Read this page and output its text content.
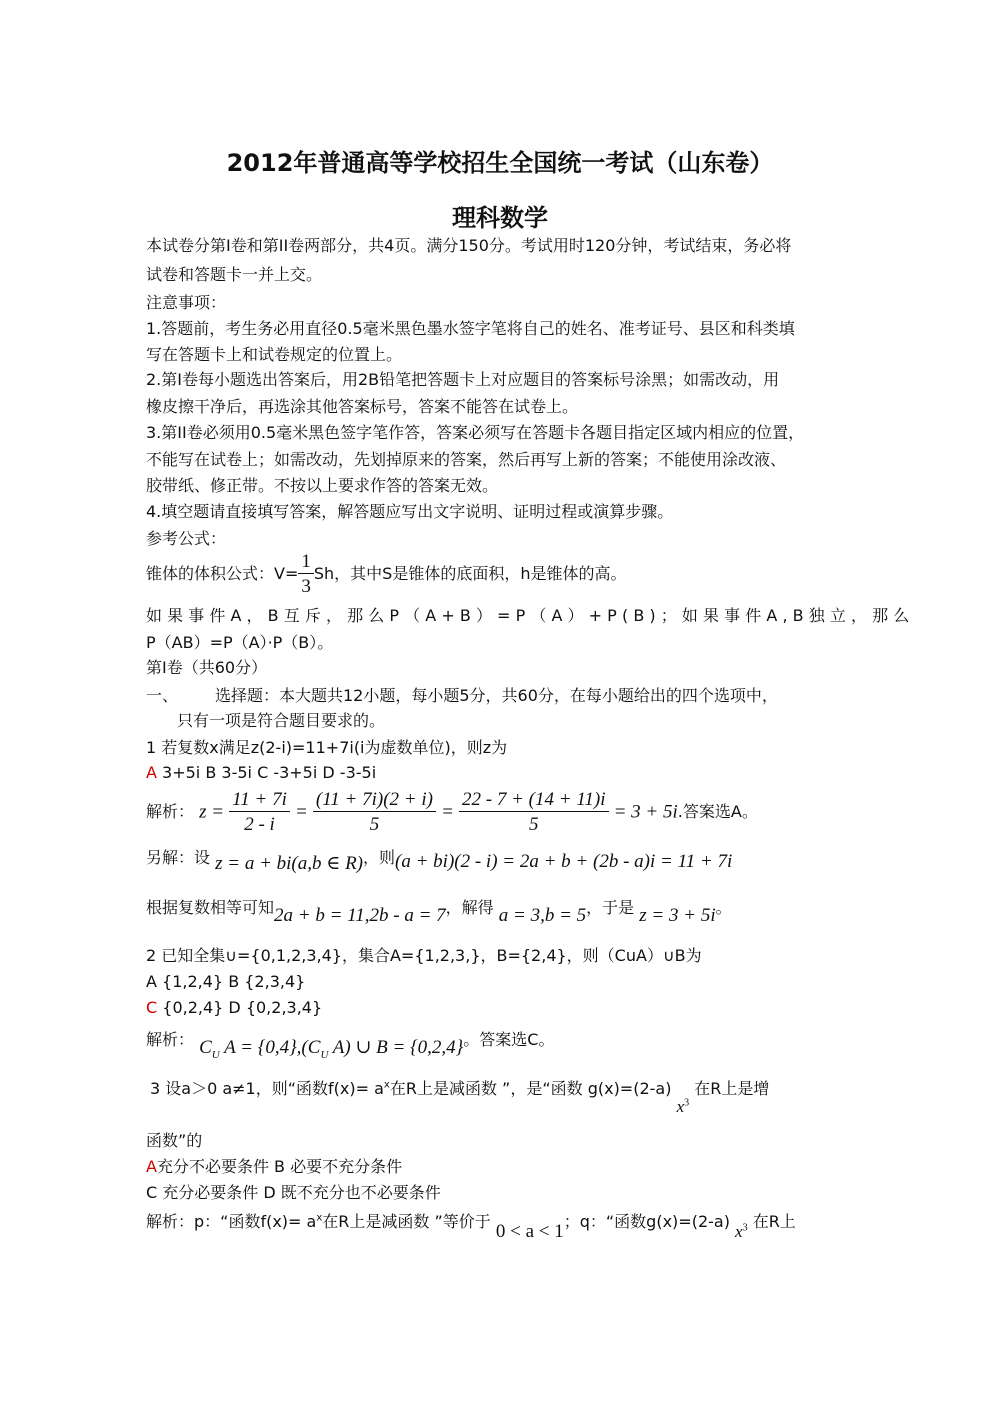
2012年普通高等学校招生全国统一考试（山东卷）
理科数学
本试卷分第I卷和第II卷两部分，共4页。满分150分。考试用时120分钟，考试结束，务必将
试卷和答题卡一并上交。
注意事项：
1.答题前，考生务必用直径0.5毫米黑色墨水签字笔将自己的姓名、准考证号、县区和科类填
写在答题卡上和试卷规定的位置上。
2.第I卷每小题选出答案后，用2B铅笔把答题卡上对应题目的答案标号涂黑；如需改动，用
橡皮擦干净后，再选涂其他答案标号，答案不能答在试卷上。
3.第II卷必须用0.5毫米黑色签字笔作答，答案必须写在答题卡各题目指定区域内相应的位置，
不能写在试卷上；如需改动，先划掉原来的答案，然后再写上新的答案；不能使用涂改液、
胶带纸、修正带。不按以上要求作答的答案无效。
4.填空题请直接填写答案，解答题应写出文字说明、证明过程或演算步骤。
参考公式：
锥体的体积公式：$V= \frac{1}{3}$ Sh，其中S是锥体的底面积，h是锥体的高。
如果事件A，B互斥，那么P（A+B）=P（A）+P(B)；如果事件A,B独立，那么
P（AB）=P（A）·P（B）。
第I卷（共60分）
一、 选择题：本大题共12小题，每小题5分，共60分，在每小题给出的四个选项中，
只有一项是符合题目要求的。
1 若复数x满足z(2-i)=11+7i(i为虚数单位)，则z为
A 3+5i B 3-5i C -3+5i D -3-5i
解析： $z = \frac{11 + 7i}{2 - i} = \frac{(11 + 7i)(2 + i)}{5} = \frac{22 - 7 + (14 + 11)i}{5} = 3 + 5i$.答案选A。
另解：设 z = a + bi(a,b ∈ R)，则(a + bi)(2 - i) = 2a + b + (2b - a)i = 11 + 7i
根据复数相等可知2a + b = 11,2b - a = 7，解得 a = 3,b = 5，于是 z = 3 + 5i。
2 已知全集∪={0,1,2,3,4}，集合A={1,2,3,}，B={2,4}，则（CuA）∪B为
A {1,2,4} B {2,3,4}
C {0,2,4} D {0,2,3,4}
解析： $C_U$ $A = \{0,4\},(C_U$ A) ∪ B = {0,2,4}。答案选C。
3 设a＞0 a≠1，则“函数$f(x)= a^x$在R上是减函数 ”，是“函数 g(x)=(2-a) $x^3$ 在R上是增
函数”的
A充分不必要条件 B 必要不充分条件
C 充分必要条件 D 既不充分也不必要条件
解析：p：“函数$f(x)= a^x$在R上是减函数 ”等价于 0 < a < 1；q：“函数g(x)=(2-a) $x^3$ 在R上
